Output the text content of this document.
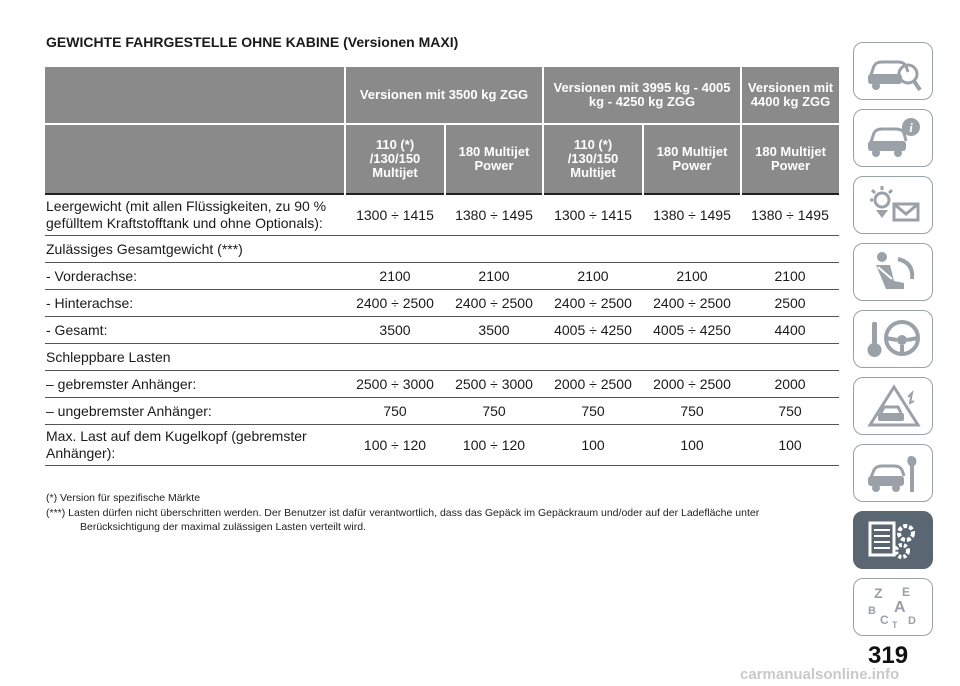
GEWICHTE FAHRGESTELLE OHNE KABINE (Versionen MAXI)
	Versionen mit 3500 kg ZGG		Versionen mit 3995 kg - 4005 kg - 4250 kg ZGG		Versionen mit 4400 kg ZGG

	110 (*)
/130/150
Multijet	180 Multijet Power	110 (*)
/130/150
Multijet	180 Multijet Power	180 Multijet Power
Leergewicht (mit allen Flüssigkeiten, zu 90 % gefülltem Kraftstofftank und ohne Optionals):	1300 ÷ 1415	1380 ÷ 1495	1300 ÷ 1415	1380 ÷ 1495	1380 ÷ 1495
Zulässiges Gesamtgewicht (***)					
- Vorderachse:	2100	2100	2100	2100	2100
- Hinterachse:	2400 ÷ 2500	2400 ÷ 2500	2400 ÷ 2500	2400 ÷ 2500	2500
- Gesamt:	3500	3500	4005 ÷ 4250	4005 ÷ 4250	4400
Schleppbare Lasten					
– gebremster Anhänger:	2500 ÷ 3000	2500 ÷ 3000	2000 ÷ 2500	2000 ÷ 2500	2000
– ungebremster Anhänger:	750	750	750	750	750
Max. Last auf dem Kugelkopf (gebremster Anhänger):	100 ÷ 120	100 ÷ 120	100	100	100
(*) Version für spezifische Märkte
(***) Lasten dürfen nicht überschritten werden. Der Benutzer ist dafür verantwortlich, dass das Gepäck im Gepäckraum und/oder auf der Ladefläche unter Berücksichtigung der maximal zulässigen Lasten verteilt wird.
i
Z E
B A
C D
T
319
carmanualsonline.info
